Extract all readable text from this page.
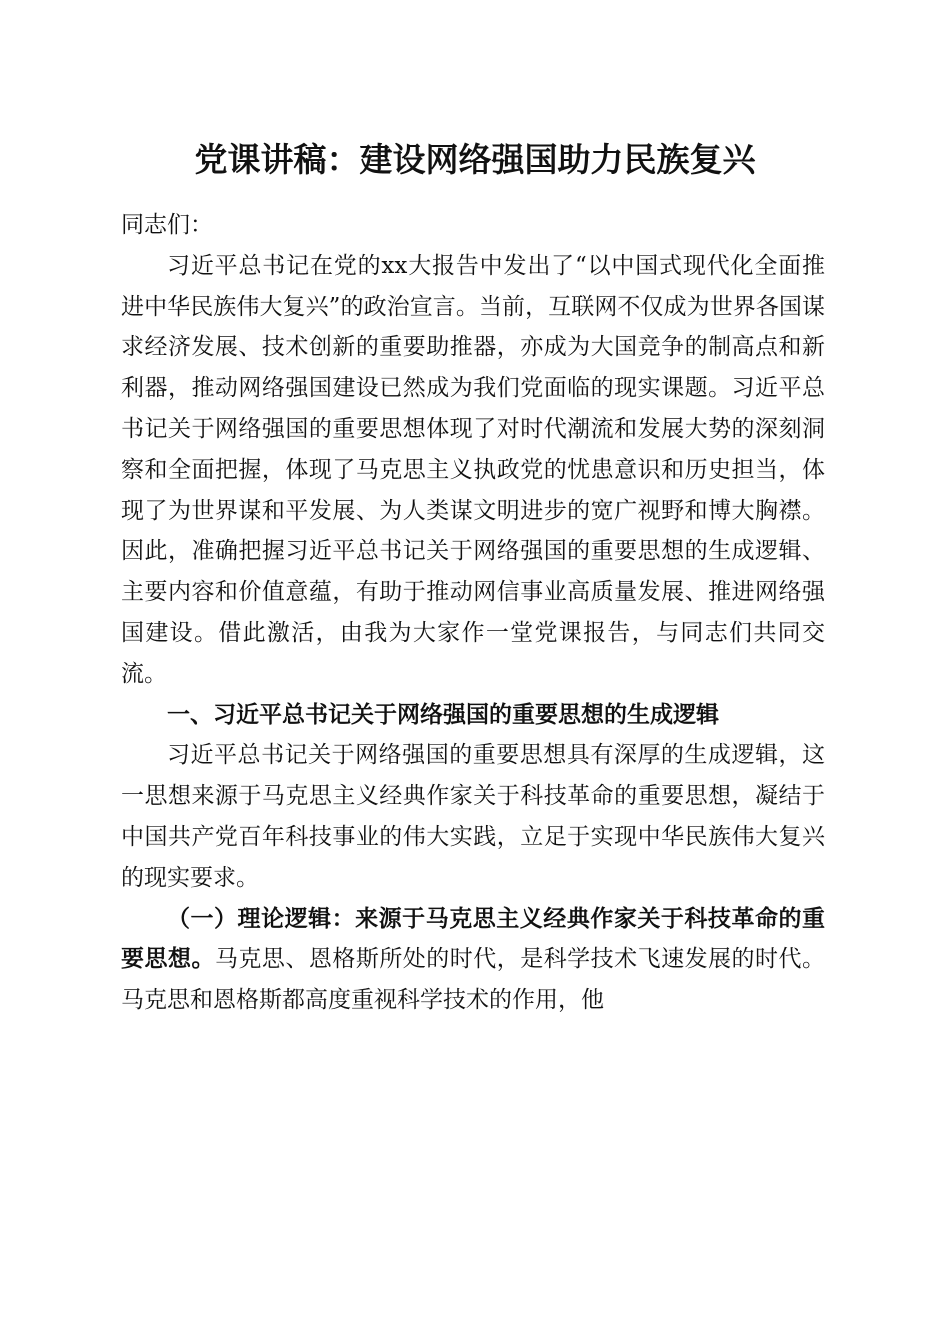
党课讲稿：建设网络强国助力民族复兴

同志们：

习近平总书记在党的xx大报告中发出了“以中国式现代化全面推进中华民族伟大复兴”的政治宣言。当前，互联网不仅成为世界各国谋求经济发展、技术创新的重要助推器，亦成为大国竞争的制高点和新利器，推动网络强国建设已然成为我们党面临的现实课题。习近平总书记关于网络强国的重要思想体现了对时代潮流和发展大势的深刻洞察和全面把握，体现了马克思主义执政党的忧患意识和历史担当，体现了为世界谋和平发展、为人类谋文明进步的宽广视野和博大胸襟。因此，准确把握习近平总书记关于网络强国的重要思想的生成逻辑、主要内容和价值意蕴，有助于推动网信事业高质量发展、推进网络强国建设。借此激活，由我为大家作一堂党课报告，与同志们共同交流。

一、习近平总书记关于网络强国的重要思想的生成逻辑

习近平总书记关于网络强国的重要思想具有深厚的生成逻辑，这一思想来源于马克思主义经典作家关于科技革命的重要思想，凝结于中国共产党百年科技事业的伟大实践，立足于实现中华民族伟大复兴的现实要求。

（一）理论逻辑：来源于马克思主义经典作家关于科技革命的重要思想。马克思、恩格斯所处的时代，是科学技术飞速发展的时代。马克思和恩格斯都高度重视科学技术的作用，他
